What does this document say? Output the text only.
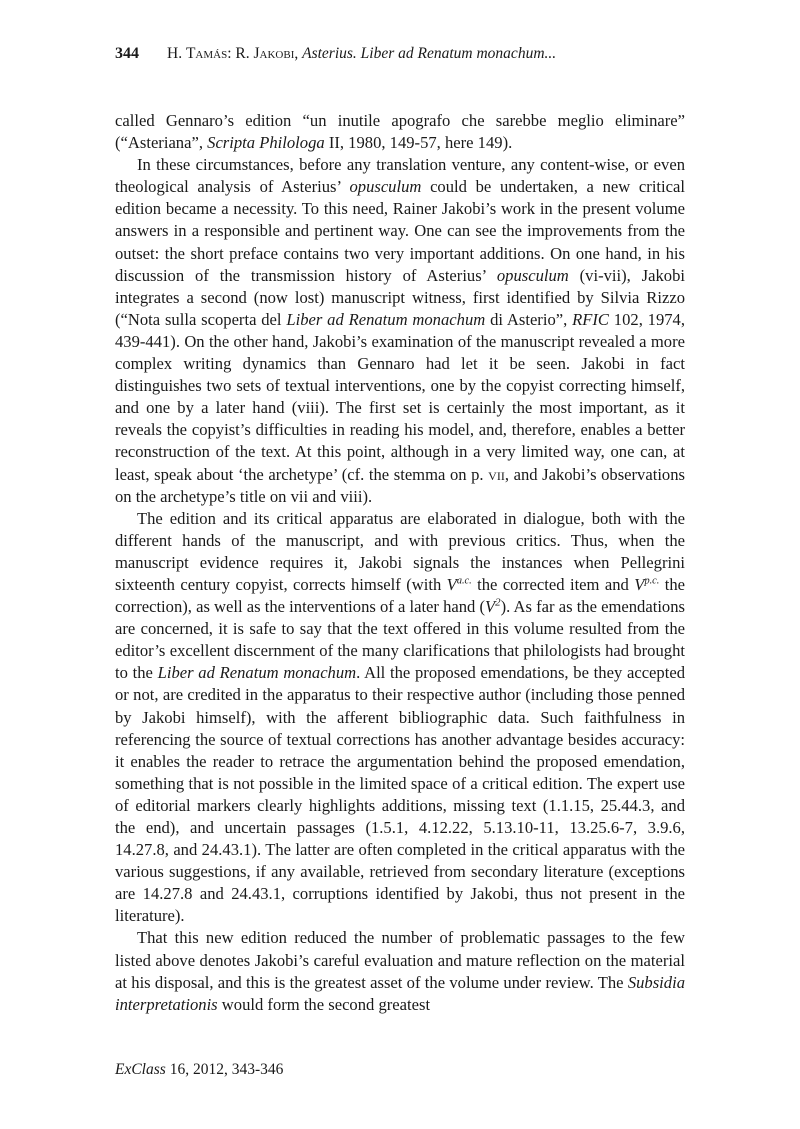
344 H. Tamás: R. Jakobi, Asterius. Liber ad Renatum monachum...

called Gennaro’s edition “un inutile apografo che sarebbe meglio eliminare” (“Asteriana”, Scripta Philologa II, 1980, 149-57, here 149).

In these circumstances, before any translation venture, any content-wise, or even theological analysis of Asterius’ opusculum could be undertaken, a new critical edition became a necessity. To this need, Rainer Jakobi’s work in the present volume answers in a responsible and pertinent way. One can see the improvements from the outset: the short preface contains two very important additions. On one hand, in his discussion of the transmission history of Asterius’ opusculum (vi-vii), Jakobi integrates a second (now lost) manuscript witness, first identified by Silvia Rizzo (“Nota sulla scoperta del Liber ad Renatum monachum di Asterio”, RFIC 102, 1974, 439-441). On the other hand, Jakobi’s examination of the manuscript revealed a more complex writing dynamics than Gennaro had let it be seen. Jakobi in fact distinguishes two sets of textual interventions, one by the copyist correcting himself, and one by a later hand (viii). The first set is certainly the most important, as it reveals the copyist’s difficulties in reading his model, and, therefore, enables a better reconstruction of the text. At this point, although in a very limited way, one can, at least, speak about ‘the archetype’ (cf. the stemma on p. vii, and Jakobi’s observations on the archetype’s title on vii and viii).

The edition and its critical apparatus are elaborated in dialogue, both with the different hands of the manuscript, and with previous critics. Thus, when the manuscript evidence requires it, Jakobi signals the instances when Pellegrini sixteenth century copyist, corrects himself (with $V^{a.c.}$ the corrected item and $V^{p.c.}$ the correction), as well as the interventions of a later hand $(V^2)$. As far as the emendations are concerned, it is safe to say that the text offered in this volume resulted from the editor’s excellent discernment of the many clarifications that philologists had brought to the Liber ad Renatum monachum. All the proposed emendations, be they accepted or not, are credited in the apparatus to their respective author (including those penned by Jakobi himself), with the afferent bibliographic data. Such faithfulness in referencing the source of textual corrections has another advantage besides accuracy: it enables the reader to retrace the argumentation behind the proposed emendation, something that is not possible in the limited space of a critical edition. The expert use of editorial markers clearly highlights additions, missing text (1.1.15, 25.44.3, and the end), and uncertain passages (1.5.1, 4.12.22, 5.13.10-11, 13.25.6-7, 3.9.6, 14.27.8, and 24.43.1). The latter are often completed in the critical apparatus with the various suggestions, if any available, retrieved from secondary literature (exceptions are 14.27.8 and 24.43.1, corruptions identified by Jakobi, thus not present in the literature).

That this new edition reduced the number of problematic passages to the few listed above denotes Jakobi’s careful evaluation and mature reflection on the material at his disposal, and this is the greatest asset of the volume under review. The Subsidia interpretationis would form the second greatest

ExClass 16, 2012, 343-346
